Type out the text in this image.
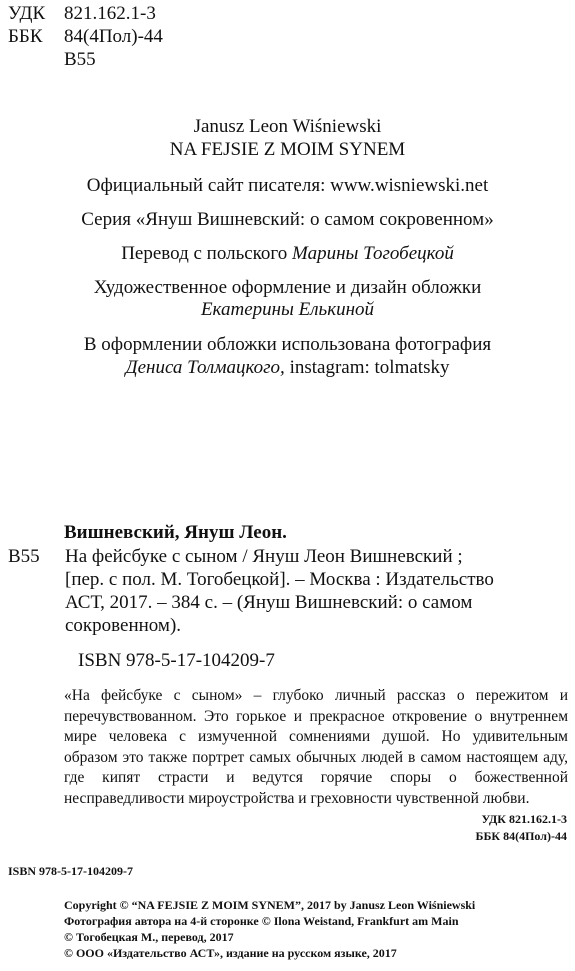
УДК 821.162.1-3
ББК 84(4Пол)-44
В55
Janusz Leon Wiśniewski
NA FEJSIE Z MOIM SYNEM
Официальный сайт писателя: www.wisniewski.net
Серия «Януш Вишневский: о самом сокровенном»
Перевод с польского Марины Тогобецкой
Художественное оформление и дизайн обложки
Екатерины Елькиной
В оформлении обложки использована фотография
Дениса Толмацкого, instagram: tolmatsky
Вишневский, Януш Леон.
В55 На фейсбуке с сыном / Януш Леон Вишневский ;
[пер. с пол. М. Тогобецкой]. – Москва : Издательство
АСТ, 2017. – 384 с. – (Януш Вишневский: о самом
сокровенном).
ISBN 978-5-17-104209-7
«На фейсбуке с сыном» – глубоко личный рассказ о пережитом и перечувствованном. Это горькое и прекрасное откровение о внутреннем мире человека с измученной сомнениями душой. Но удивительным образом это также портрет самых обычных людей в самом настоящем аду, где кипят страсти и ведутся горячие споры о божественной несправедливости мироустройства и греховности чувственной любви.
УДК 821.162.1-3
ББК 84(4Пол)-44
ISBN 978-5-17-104209-7
Copyright © “NA FEJSIE Z MOIM SYNEM”, 2017 by Janusz Leon Wiśniewski
Фотография автора на 4-й сторонке © Ilona Weistand, Frankfurt am Main
© Тогобецкая М., перевод, 2017
© ООО «Издательство АСТ», издание на русском языке, 2017
